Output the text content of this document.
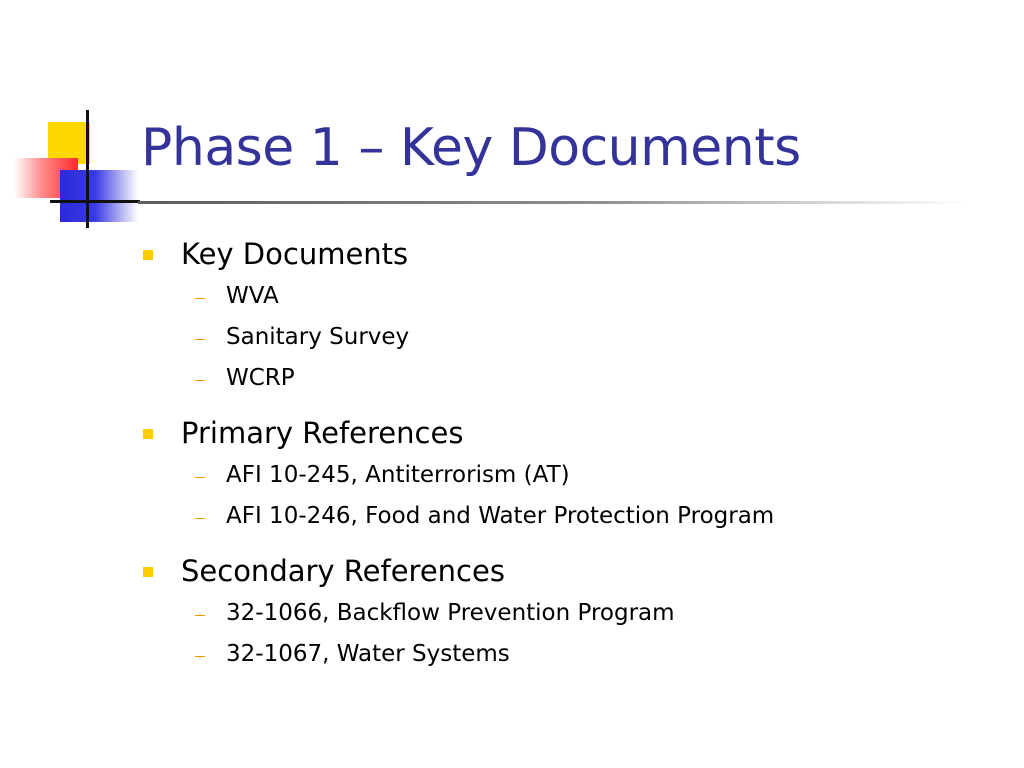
Phase 1 – Key Documents
Key Documents
WVA
Sanitary Survey
WCRP
Primary References
AFI 10-245, Antiterrorism (AT)
AFI 10-246, Food and Water Protection Program
Secondary References
32-1066, Backflow Prevention Program
32-1067, Water Systems
